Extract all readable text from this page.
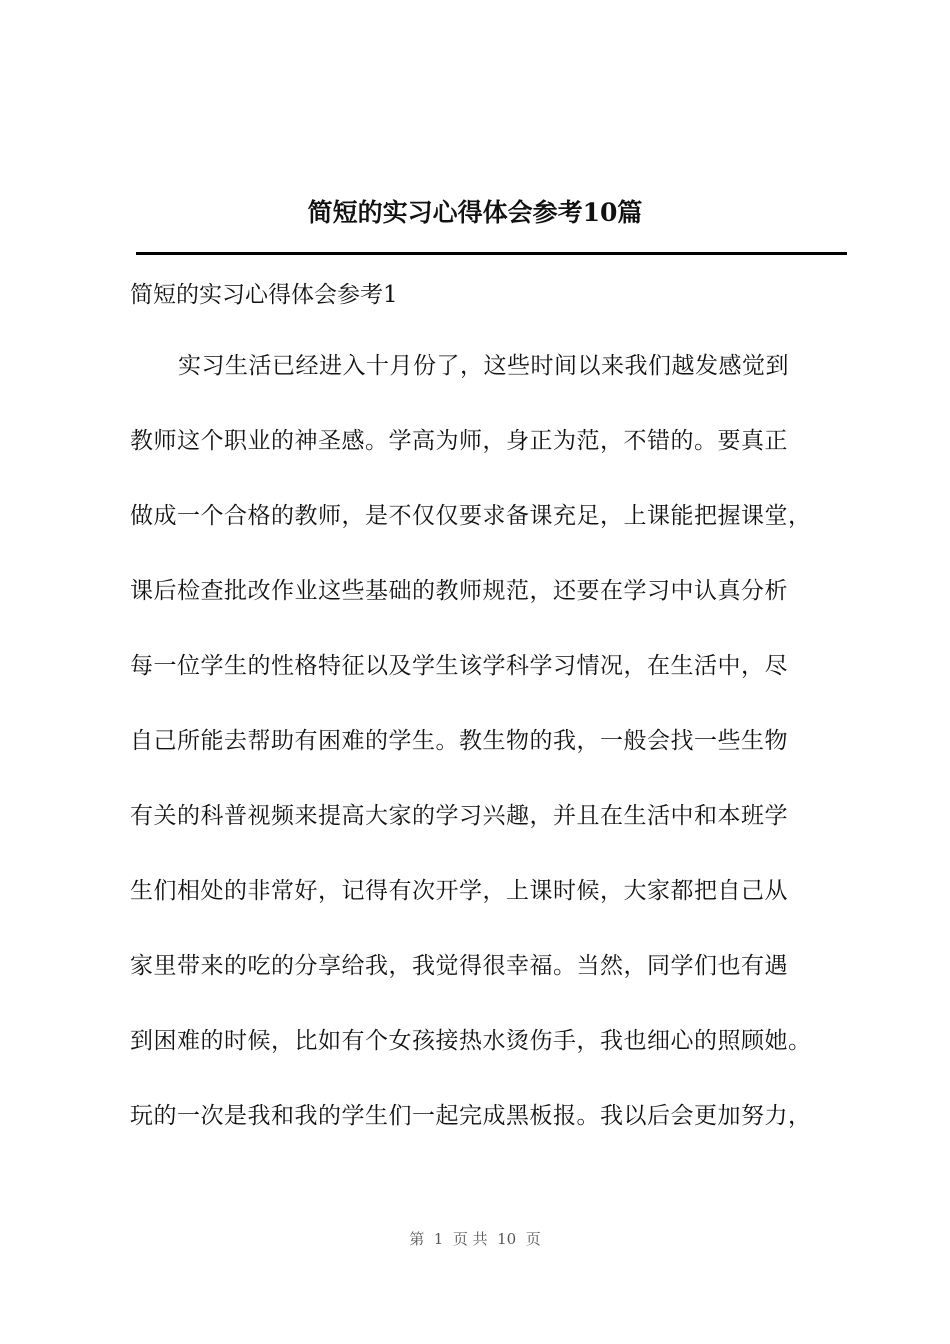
简短的实习心得体会参考10篇
简短的实习心得体会参考1
实习生活已经进入十月份了，这些时间以来我们越发感觉到
教师这个职业的神圣感。学高为师，身正为范，不错的。要真正
做成一个合格的教师，是不仅仅要求备课充足，上课能把握课堂，
课后检查批改作业这些基础的教师规范，还要在学习中认真分析
每一位学生的性格特征以及学生该学科学习情况，在生活中，尽
自己所能去帮助有困难的学生。教生物的我，一般会找一些生物
有关的科普视频来提高大家的学习兴趣，并且在生活中和本班学
生们相处的非常好，记得有次开学，上课时候，大家都把自己从
家里带来的吃的分享给我，我觉得很幸福。当然，同学们也有遇
到困难的时候，比如有个女孩接热水烫伤手，我也细心的照顾她。
玩的一次是我和我的学生们一起完成黑板报。我以后会更加努力，
第  1  页 共  10  页
